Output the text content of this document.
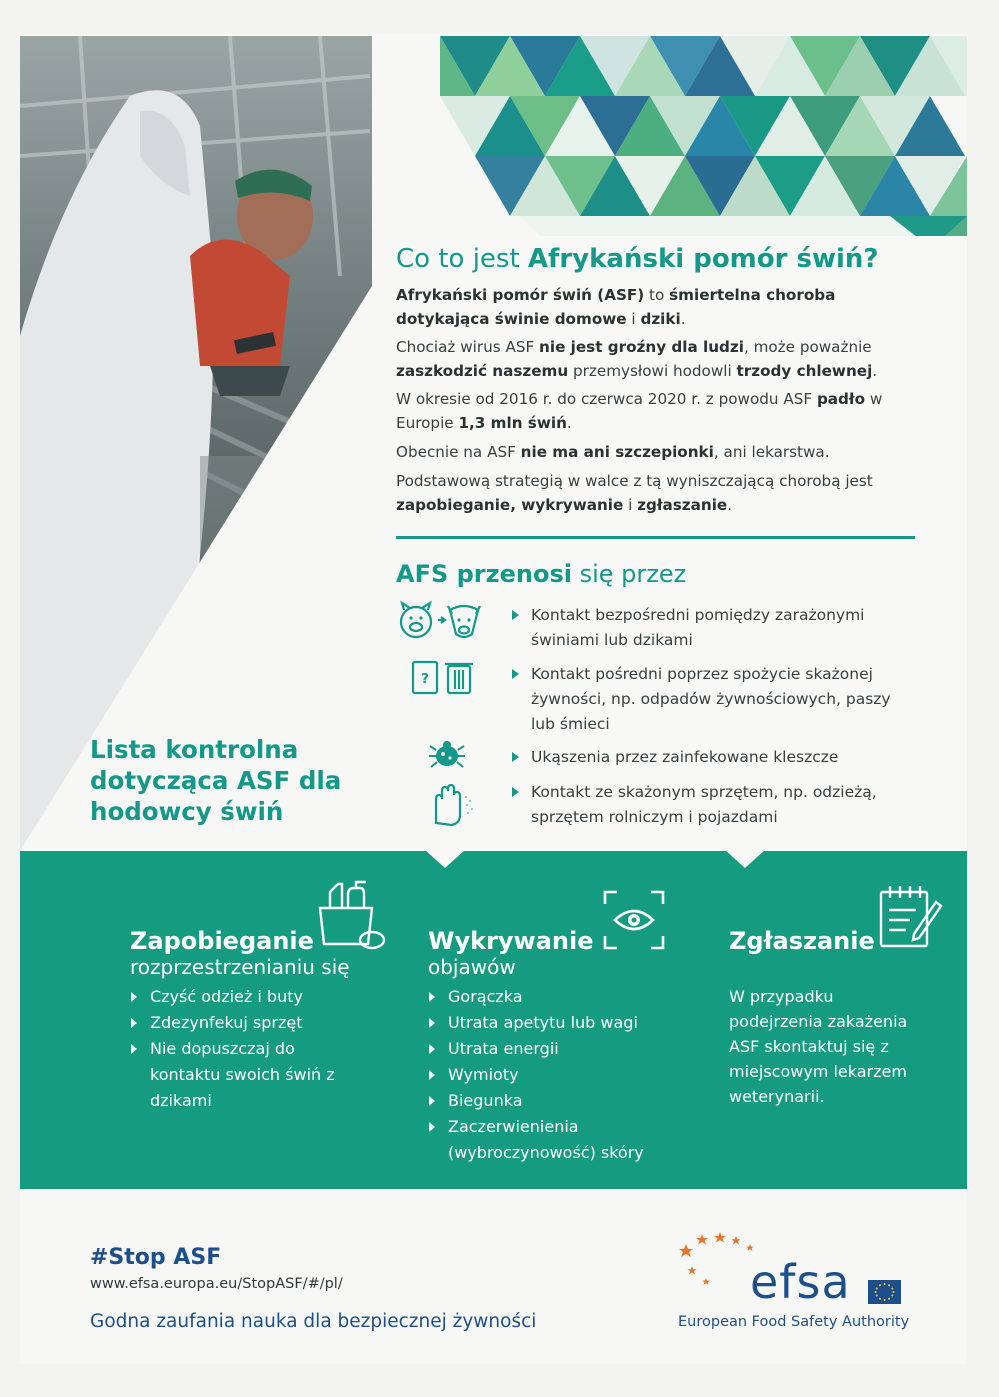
Co to jest Afrykański pomór świń?
Afrykański pomór świń (ASF) to śmiertelna choroba dotykająca świnie domowe i dziki.
Chociaż wirus ASF nie jest groźny dla ludzi, może poważnie zaszkodzić naszemu przemysłowi hodowli trzody chlewnej.
W okresie od 2016 r. do czerwca 2020 r. z powodu ASF padło w Europie 1,3 mln świń.
Obecnie na ASF nie ma ani szczepionki, ani lekarstwa.
Podstawową strategią w walce z tą wyniszczającą chorobą jest zapobieganie, wykrywanie i zgłaszanie.
AFS przenosi się przez
?
Kontakt bezpośredni pomiędzy zarażonymi świniami lub dzikami
Kontakt pośredni poprzez spożycie skażonej żywności, np. odpadów żywnościowych, paszy lub śmieci
Ukąszenia przez zainfekowane kleszcze
Kontakt ze skażonym sprzętem, np. odzieżą, sprzętem rolniczym i pojazdami
Lista kontrolna dotycząca ASF dla hodowcy świń
Zapobieganie
rozprzestrzenianiu się
Czyść odzież i buty
Zdezynfekuj sprzęt
Nie dopuszczaj do kontaktu swoich świń z dzikami
Wykrywanie
objawów
Gorączka
Utrata apetytu lub wagi
Utrata energii
Wymioty
Biegunka
Zaczerwienienia (wybroczynowość) skóry
Zgłaszanie
W przypadku podejrzenia zakażenia ASF skontaktuj się z miejscowym lekarzem weterynarii.
#Stop ASF
www.efsa.europa.eu/StopASF/#/pl/
Godna zaufania nauka dla bezpiecznej żywności
efsa
European Food Safety Authority
